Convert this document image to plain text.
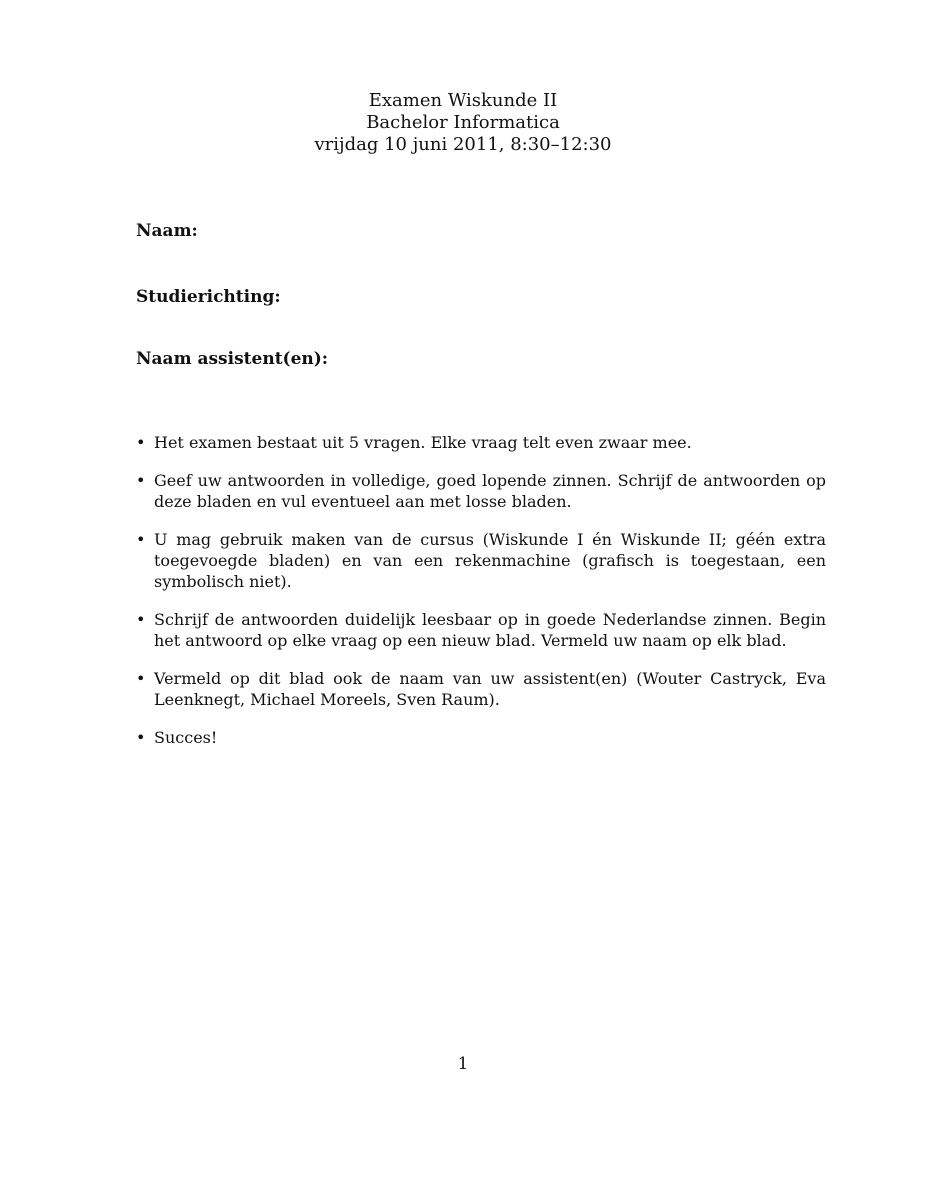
Examen Wiskunde II
Bachelor Informatica
vrijdag 10 juni 2011, 8:30–12:30
Naam:
Studierichting:
Naam assistent(en):
• Het examen bestaat uit 5 vragen. Elke vraag telt even zwaar mee.
• Geef uw antwoorden in volledige, goed lopende zinnen. Schrijf de antwoorden op deze bladen en vul eventueel aan met losse bladen.
• U mag gebruik maken van de cursus (Wiskunde I én Wiskunde II; géén extra toegevoegde bladen) en van een rekenmachine (grafisch is toegestaan, een symbolisch niet).
• Schrijf de antwoorden duidelijk leesbaar op in goede Nederlandse zinnen. Begin het antwoord op elke vraag op een nieuw blad. Vermeld uw naam op elk blad.
• Vermeld op dit blad ook de naam van uw assistent(en) (Wouter Castryck, Eva Leenknegt, Michael Moreels, Sven Raum).
• Succes!
1
